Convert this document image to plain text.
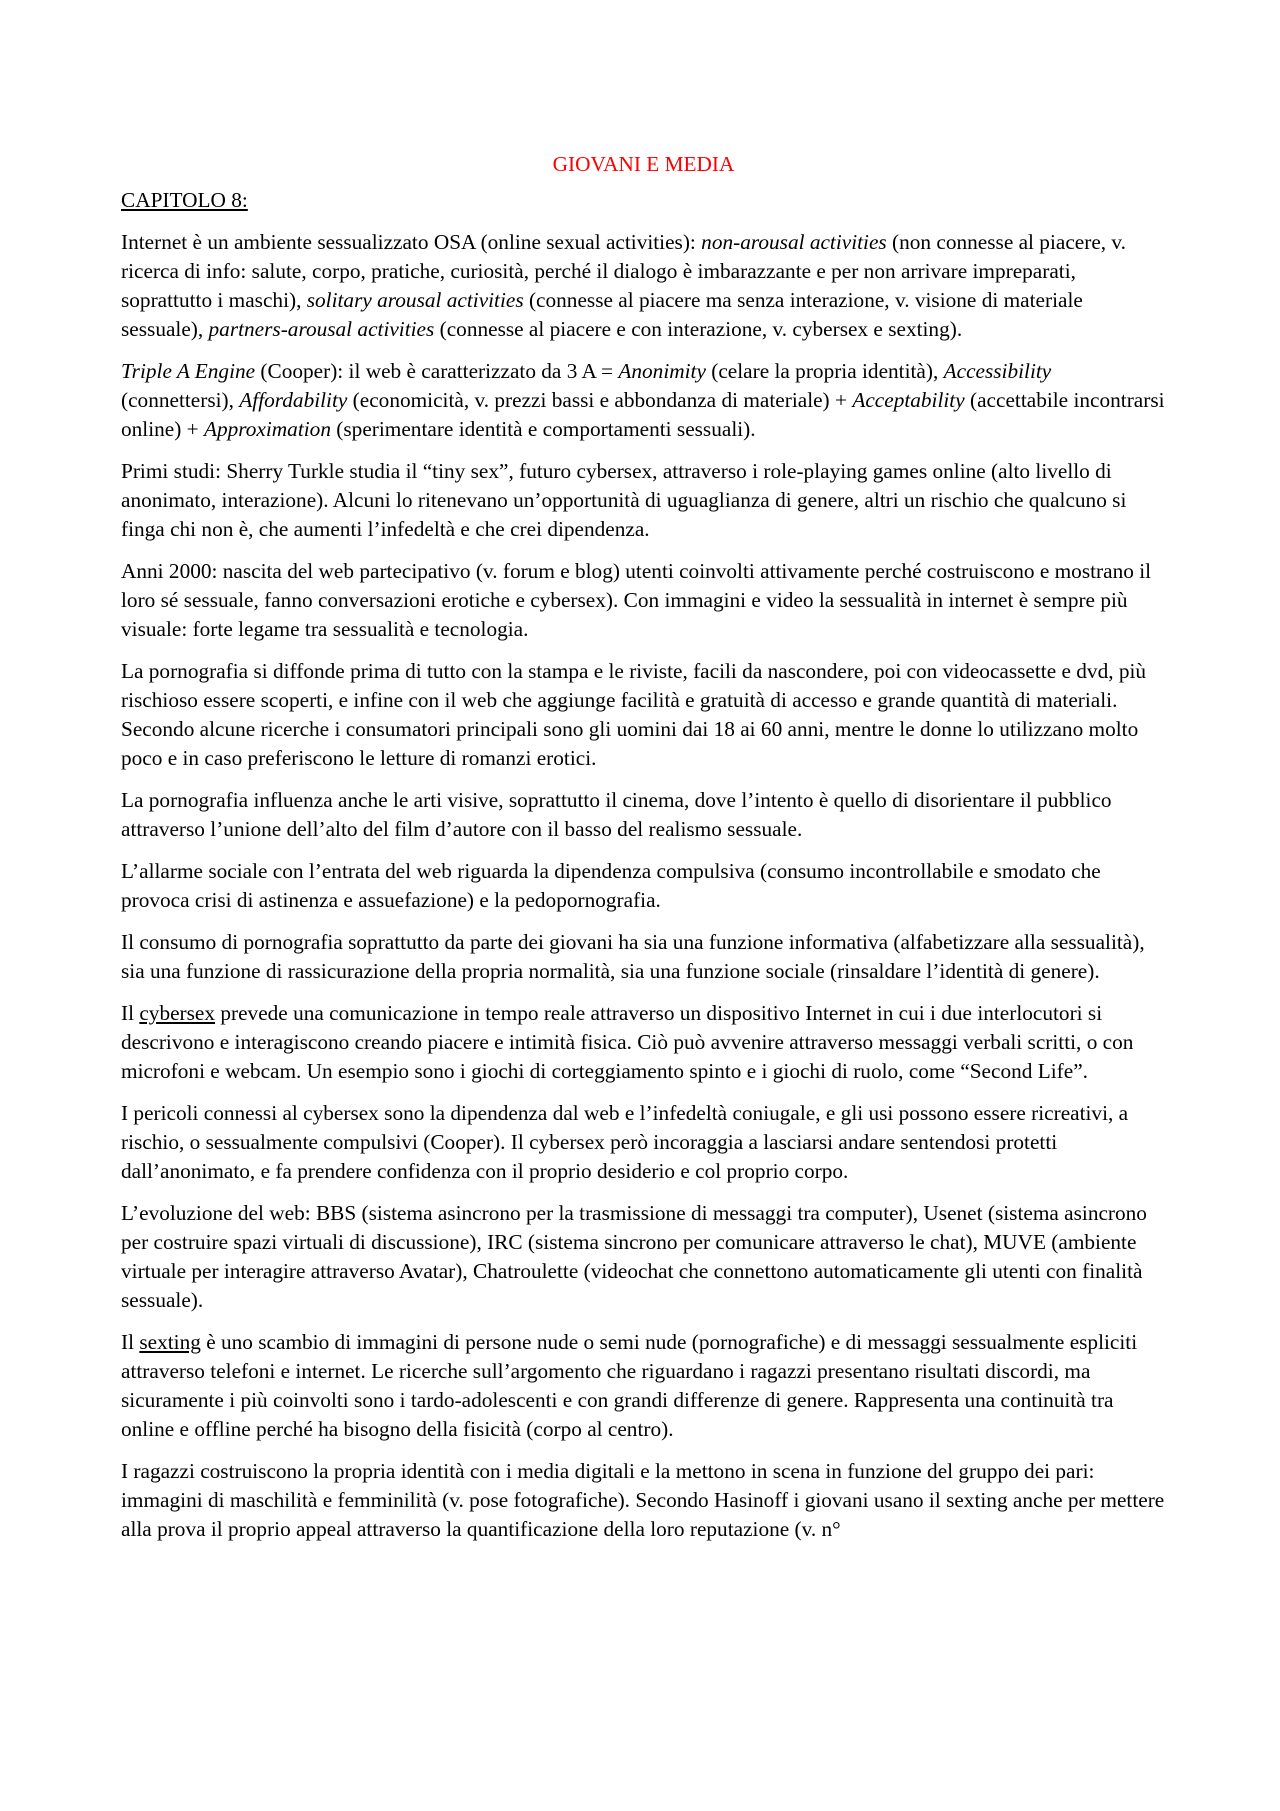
GIOVANI E MEDIA
CAPITOLO 8:

Internet è un ambiente sessualizzato OSA (online sexual activities): non-arousal activities (non connesse al piacere, v. ricerca di info: salute, corpo, pratiche, curiosità, perché il dialogo è imbarazzante e per non arrivare impreparati, soprattutto i maschi), solitary arousal activities (connesse al piacere ma senza interazione, v. visione di materiale sessuale), partners-arousal activities (connesse al piacere e con interazione, v. cybersex e sexting).

Triple A Engine (Cooper): il web è caratterizzato da 3 A = Anonimity (celare la propria identità), Accessibility (connettersi), Affordability (economicità, v. prezzi bassi e abbondanza di materiale) + Acceptability (accettabile incontrarsi online) + Approximation (sperimentare identità e comportamenti sessuali).

Primi studi: Sherry Turkle studia il “tiny sex”, futuro cybersex, attraverso i role-playing games online (alto livello di anonimato, interazione). Alcuni lo ritenevano un’opportunità di uguaglianza di genere, altri un rischio che qualcuno si finga chi non è, che aumenti l’infedeltà e che crei dipendenza.

Anni 2000: nascita del web partecipativo (v. forum e blog) utenti coinvolti attivamente perché costruiscono e mostrano il loro sé sessuale, fanno conversazioni erotiche e cybersex). Con immagini e video la sessualità in internet è sempre più visuale: forte legame tra sessualità e tecnologia.

La pornografia si diffonde prima di tutto con la stampa e le riviste, facili da nascondere, poi con videocassette e dvd, più rischioso essere scoperti, e infine con il web che aggiunge facilità e gratuità di accesso e grande quantità di materiali. Secondo alcune ricerche i consumatori principali sono gli uomini dai 18 ai 60 anni, mentre le donne lo utilizzano molto poco e in caso preferiscono le letture di romanzi erotici.

La pornografia influenza anche le arti visive, soprattutto il cinema, dove l’intento è quello di disorientare il pubblico attraverso l’unione dell’alto del film d’autore con il basso del realismo sessuale.

L’allarme sociale con l’entrata del web riguarda la dipendenza compulsiva (consumo incontrollabile e smodato che provoca crisi di astinenza e assuefazione) e la pedopornografia.

Il consumo di pornografia soprattutto da parte dei giovani ha sia una funzione informativa (alfabetizzare alla sessualità), sia una funzione di rassicurazione della propria normalità, sia una funzione sociale (rinsaldare l’identità di genere).

Il cybersex prevede una comunicazione in tempo reale attraverso un dispositivo Internet in cui i due interlocutori si descrivono e interagiscono creando piacere e intimità fisica. Ciò può avvenire attraverso messaggi verbali scritti, o con microfoni e webcam. Un esempio sono i giochi di corteggiamento spinto e i giochi di ruolo, come “Second Life”.

I pericoli connessi al cybersex sono la dipendenza dal web e l’infedeltà coniugale, e gli usi possono essere ricreativi, a rischio, o sessualmente compulsivi (Cooper). Il cybersex però incoraggia a lasciarsi andare sentendosi protetti dall’anonimato, e fa prendere confidenza con il proprio desiderio e col proprio corpo.

L’evoluzione del web: BBS (sistema asincrono per la trasmissione di messaggi tra computer), Usenet (sistema asincrono per costruire spazi virtuali di discussione), IRC (sistema sincrono per comunicare attraverso le chat), MUVE (ambiente virtuale per interagire attraverso Avatar), Chatroulette (videochat che connettono automaticamente gli utenti con finalità sessuale).

Il sexting è uno scambio di immagini di persone nude o semi nude (pornografiche) e di messaggi sessualmente espliciti attraverso telefoni e internet. Le ricerche sull’argomento che riguardano i ragazzi presentano risultati discordi, ma sicuramente i più coinvolti sono i tardo-adolescenti e con grandi differenze di genere. Rappresenta una continuità tra online e offline perché ha bisogno della fisicità (corpo al centro).

I ragazzi costruiscono la propria identità con i media digitali e la mettono in scena in funzione del gruppo dei pari: immagini di maschilità e femminilità (v. pose fotografiche). Secondo Hasinoff i giovani usano il sexting anche per mettere alla prova il proprio appeal attraverso la quantificazione della loro reputazione (v. n°
